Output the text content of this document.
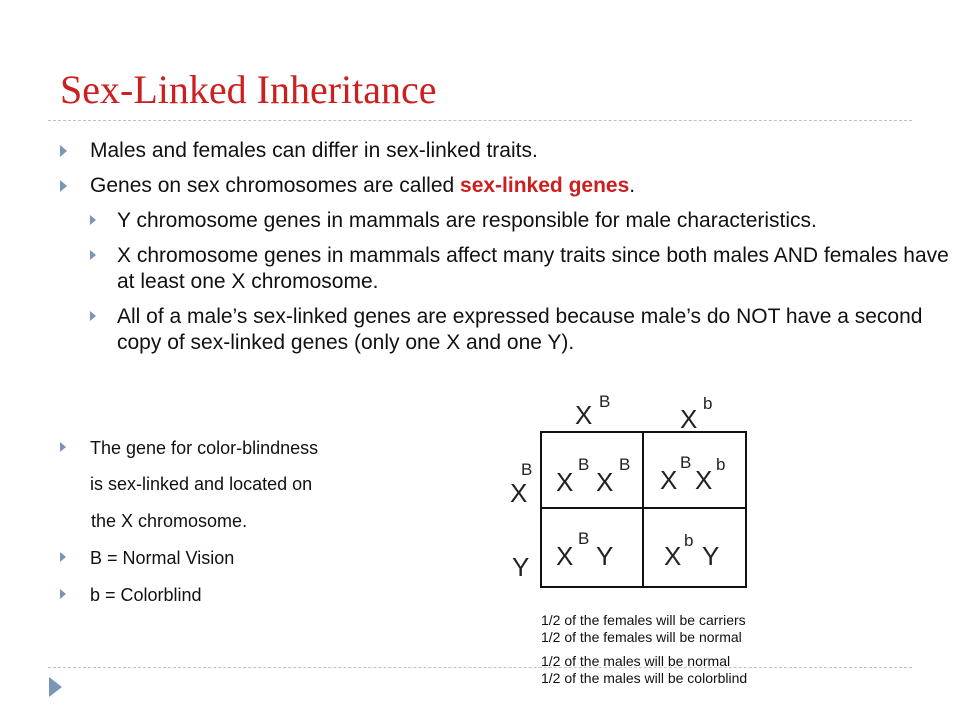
Sex-Linked Inheritance
Males and females can differ in sex-linked traits.
Genes on sex chromosomes are called sex-linked genes.
Y chromosome genes in mammals are responsible for male characteristics.
X chromosome genes in mammals affect many traits since both males AND females have at least one X chromosome.
All of a male’s sex-linked genes are expressed because male’s do NOT have a second copy of sex-linked genes (only one X and one Y).
The gene for color-blindness
is sex-linked and located on
the X chromosome.
B = Normal Vision
b = Colorblind
X B
X
b
B
X
Y
X
B
X
B
X
B
X
b
X
B
Y X
b
Y
1/2 of the females will be carriers
1/2 of the females will be normal
1/2 of the males will be normal
1/2 of the males will be colorblind
